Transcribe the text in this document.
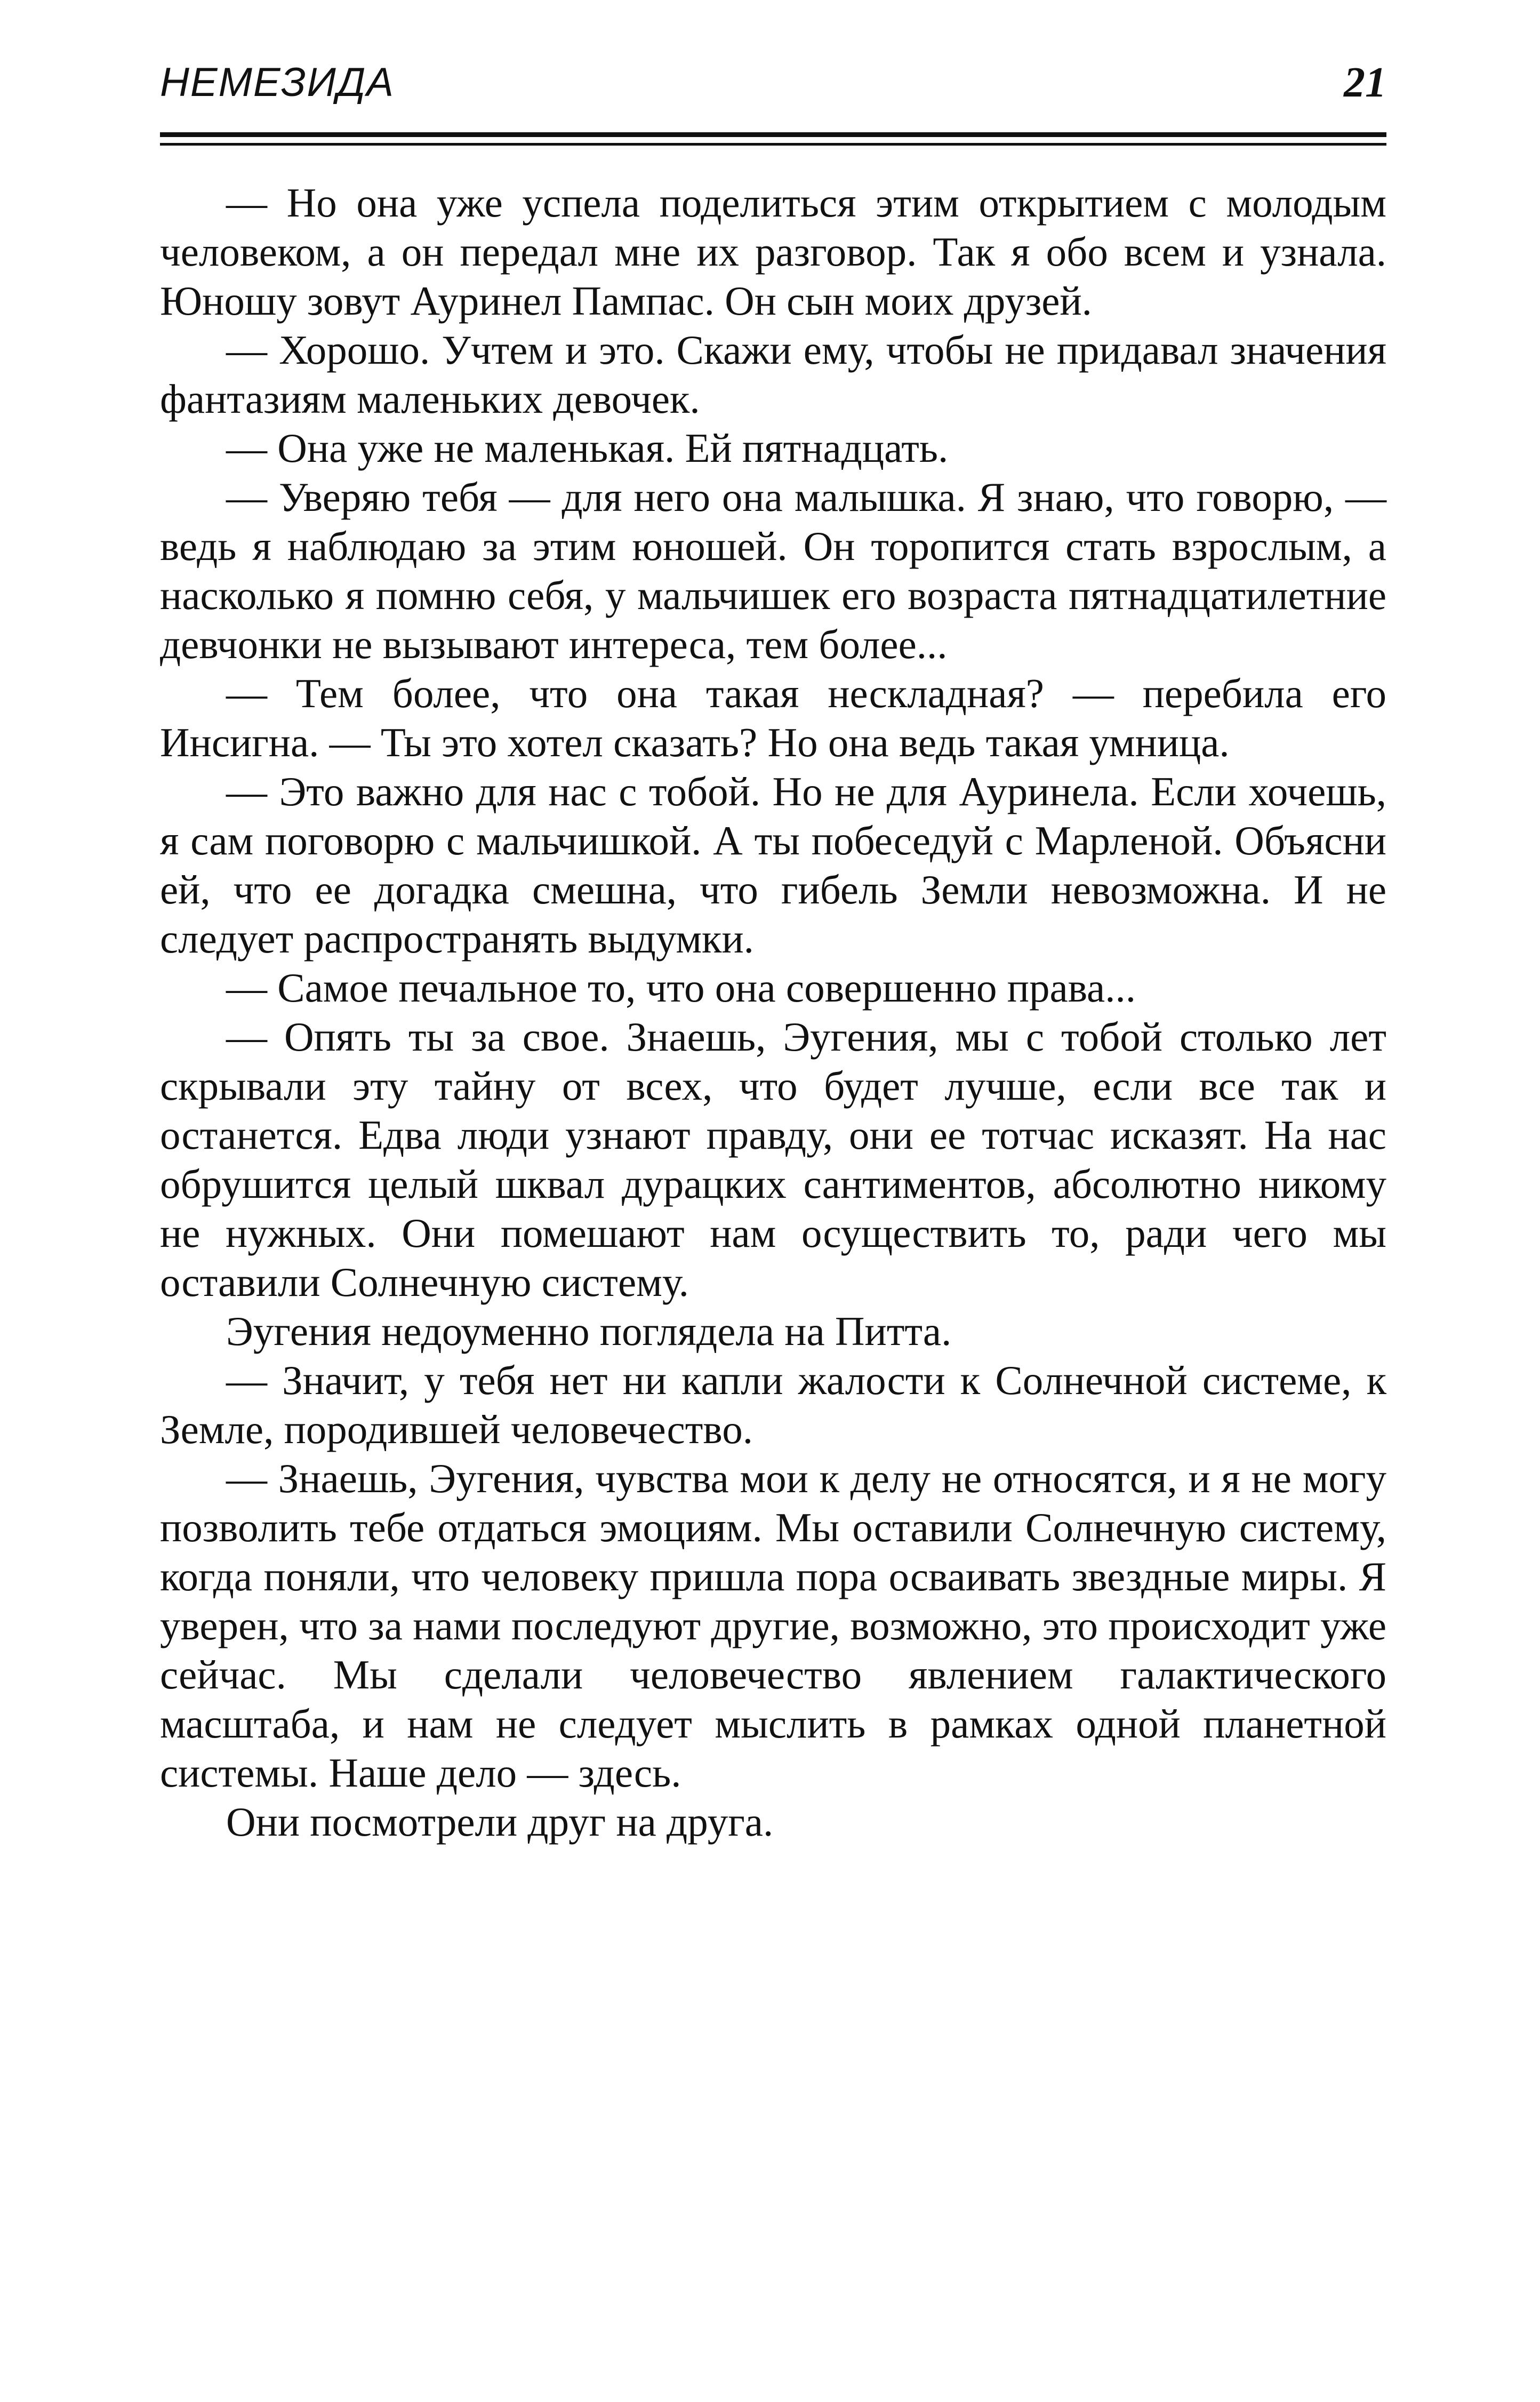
НЕМЕЗИДА	21

— Но она уже успела поделиться этим открытием с молодым человеком, а он передал мне их разговор. Так я обо всем и узнала. Юношу зовут Ауринел Пампас. Он сын моих друзей.

— Хорошо. Учтем и это. Скажи ему, чтобы не придавал значения фантазиям маленьких девочек.

— Она уже не маленькая. Ей пятнадцать.

— Уверяю тебя — для него она малышка. Я знаю, что говорю, — ведь я наблюдаю за этим юношей. Он торопится стать взрослым, а насколько я помню себя, у мальчишек его возраста пятнадцатилетние девчонки не вызывают интереса, тем более...

— Тем более, что она такая нескладная? — перебила его Инсигна. — Ты это хотел сказать? Но она ведь такая умница.

— Это важно для нас с тобой. Но не для Ауринела. Если хочешь, я сам поговорю с мальчишкой. А ты побеседуй с Марленой. Объясни ей, что ее догадка смешна, что гибель Земли невозможна. И не следует распространять выдумки.

— Самое печальное то, что она совершенно права...

— Опять ты за свое. Знаешь, Эугения, мы с тобой столько лет скрывали эту тайну от всех, что будет лучше, если все так и останется. Едва люди узнают правду, они ее тотчас исказят. На нас обрушится целый шквал дурацких сантиментов, абсолютно никому не нужных. Они помешают нам осуществить то, ради чего мы оставили Солнечную систему.

Эугения недоуменно поглядела на Питта.

— Значит, у тебя нет ни капли жалости к Солнечной системе, к Земле, породившей человечество.

— Знаешь, Эугения, чувства мои к делу не относятся, и я не могу позволить тебе отдаться эмоциям. Мы оставили Солнечную систему, когда поняли, что человеку пришла пора осваивать звездные миры. Я уверен, что за нами последуют другие, возможно, это происходит уже сейчас. Мы сделали человечество явлением галактического масштаба, и нам не следует мыслить в рамках одной планетной системы. Наше дело — здесь.

Они посмотрели друг на друга.
